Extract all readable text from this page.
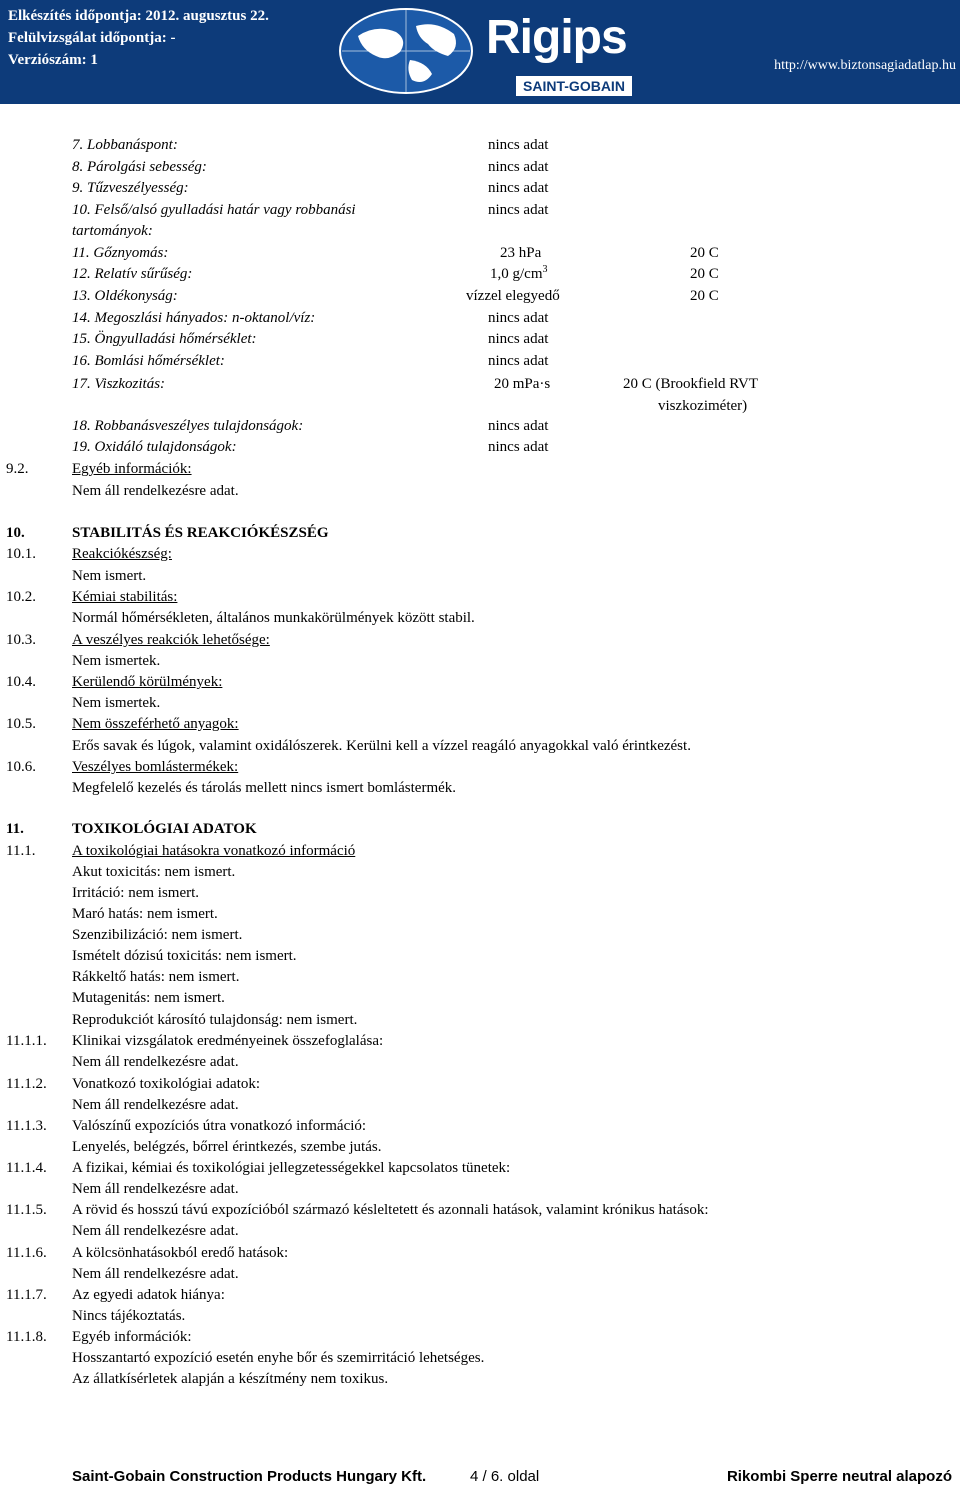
Elkészítés időpontja: 2012. augusztus 22.
Felülvizsgálat időpontja: -
Verziószám: 1	Rigips
SAINT-GOBAIN
http://www.biztonsagiadatlap.hu
7. Lobbanáspont:	nincs adat
8. Párolgási sebesség:	nincs adat
9. Tűzveszélyesség:	nincs adat
10. Felső/alsó gyulladási határ vagy robbanási	nincs adat
tartományok:
11. Gőznyomás:	23 hPa	20 C
12. Relatív sűrűség:	1,0 $g/cm^3$	20 C
13. Oldékonyság:	vízzel elegyedő	20 C
14. Megoszlási hányados: n-oktanol/víz:	nincs adat
15. Öngyulladási hőmérséklet:	nincs adat
16. Bomlási hőmérséklet:	nincs adat
17. Viszkozitás:	20 mPa·s	20 C (Brookfield RVT
viszkoziméter)
18. Robbanásveszélyes tulajdonságok:	nincs adat
19. Oxidáló tulajdonságok:	nincs adat
9.2.	Egyéb információk:
Nem áll rendelkezésre adat.
10.	STABILITÁS ÉS REAKCIÓKÉSZSÉG
10.1. Reakciókészség:
Nem ismert.
10.2. Kémiai stabilitás:
Normál hőmérsékleten, általános munkakörülmények között stabil.
10.3. A veszélyes reakciók lehetősége:
Nem ismertek.
10.4. Kerülendő körülmények:
Nem ismertek.
10.5. Nem összeférhető anyagok:
Erős savak és lúgok, valamint oxidálószerek. Kerülni kell a vízzel reagáló anyagokkal való érintkezést.
10.6. Veszélyes bomlástermékek:
Megfelelő kezelés és tárolás mellett nincs ismert bomlástermék.
11.	TOXIKOLÓGIAI ADATOK
11.1. A toxikológiai hatásokra vonatkozó információ
Akut toxicitás: nem ismert.
Irritáció: nem ismert.
Maró hatás: nem ismert.
Szenzibilizáció: nem ismert.
Ismételt dózisú toxicitás: nem ismert.
Rákkeltő hatás: nem ismert.
Mutagenitás: nem ismert.
Reprodukciót károsító tulajdonság: nem ismert.
11.1.1. Klinikai vizsgálatok eredményeinek összefoglalása:
Nem áll rendelkezésre adat.
11.1.2. Vonatkozó toxikológiai adatok:
Nem áll rendelkezésre adat.
11.1.3. Valószínű expozíciós útra vonatkozó információ:
Lenyelés, belégzés, bőrrel érintkezés, szembe jutás.
11.1.4. A fizikai, kémiai és toxikológiai jellegzetességekkel kapcsolatos tünetek:
Nem áll rendelkezésre adat.
11.1.5. A rövid és hosszú távú expozícióból származó késleltetett és azonnali hatások, valamint krónikus hatások:
Nem áll rendelkezésre adat.
11.1.6. A kölcsönhatásokból eredő hatások:
Nem áll rendelkezésre adat.
11.1.7. Az egyedi adatok hiánya:
Nincs tájékoztatás.
11.1.8. Egyéb információk:
Hosszantartó expozíció esetén enyhe bőr és szemirritáció lehetséges.
Az állatkísérletek alapján a készítmény nem toxikus.
Saint-Gobain Construction Products Hungary Kft.	4 / 6. oldal	Rikombi Sperre neutral alapozó
